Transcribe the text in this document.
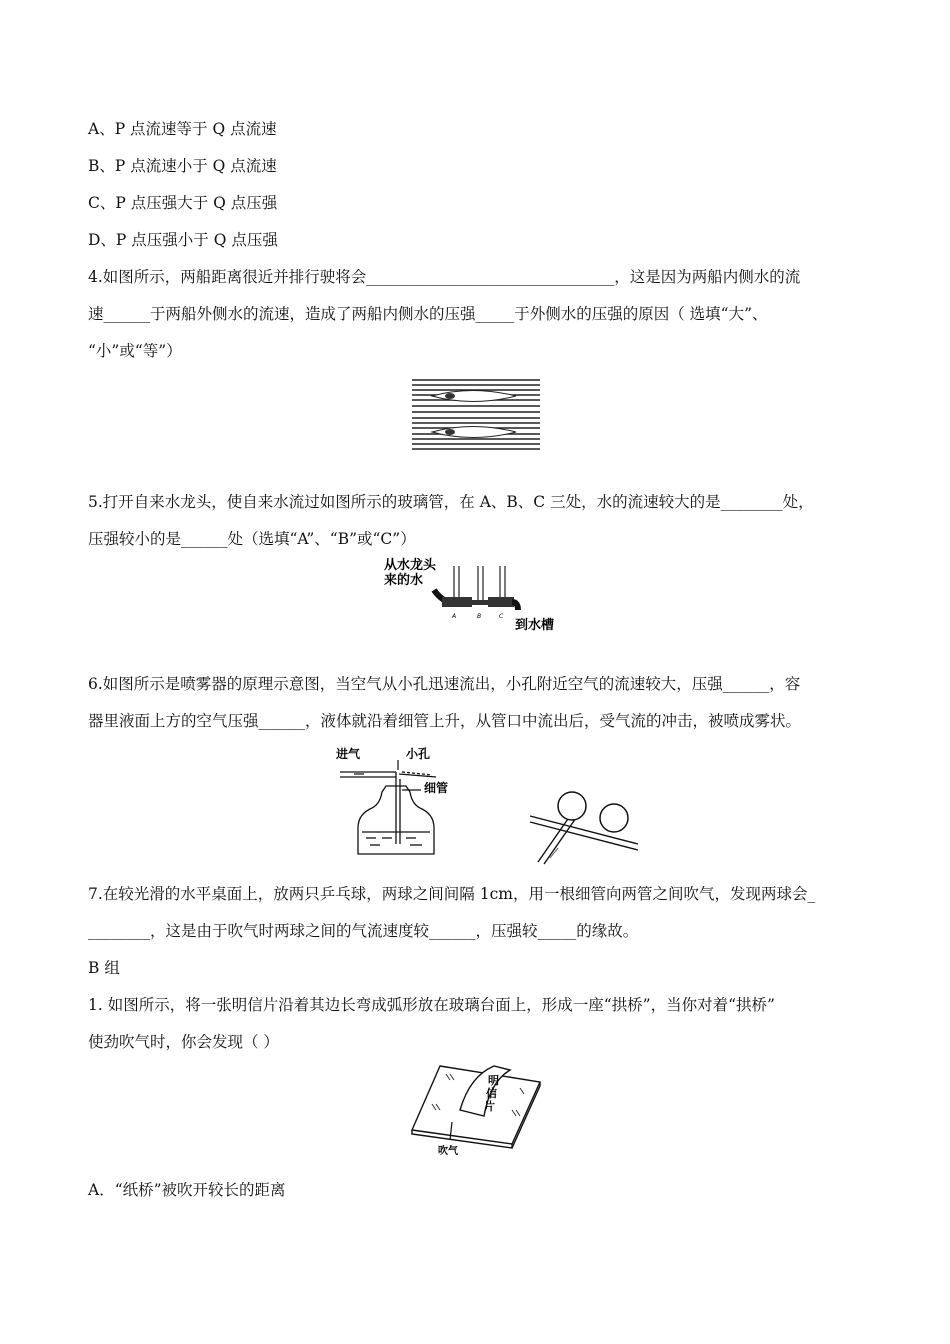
A、P 点流速等于 Q 点流速
B、P 点流速小于 Q 点流速
C、P 点压强大于 Q 点压强
D、P 点压强小于 Q 点压强
4.如图所示，两船距离很近并排行驶将会________________________________，这是因为两船内侧水的流
速______于两船外侧水的流速，造成了两船内侧水的压强_____于外侧水的压强的原因（ 选填“大”、
“小”或“等”）
5.打开自来水龙头，使自来水流过如图所示的玻璃管，在 A、B、C 三处，水的流速较大的是________处，
压强较小的是______处（选填“A”、“B”或“C”）
从水龙头
来的水
A	B	C
到水槽
6.如图所示是喷雾器的原理示意图，当空气从小孔迅速流出，小孔附近空气的流速较大，压强______，容
器里液面上方的空气压强______，液体就沿着细管上升，从管口中流出后，受气流的冲击，被喷成雾状。
进气	小孔
细管
7.在较光滑的水平桌面上，放两只乒乓球，两球之间间隔 1cm，用一根细管向两管之间吹气，发现两球会_
________，这是由于吹气时两球之间的气流速度较______，压强较_____的缘故。
B 组
1. 如图所示，将一张明信片沿着其边长弯成弧形放在玻璃台面上，形成一座“拱桥”，当你对着“拱桥”
使劲吹气时，你会发现（ ）
明
信
片
吹气
A．“纸桥”被吹开较长的距离
